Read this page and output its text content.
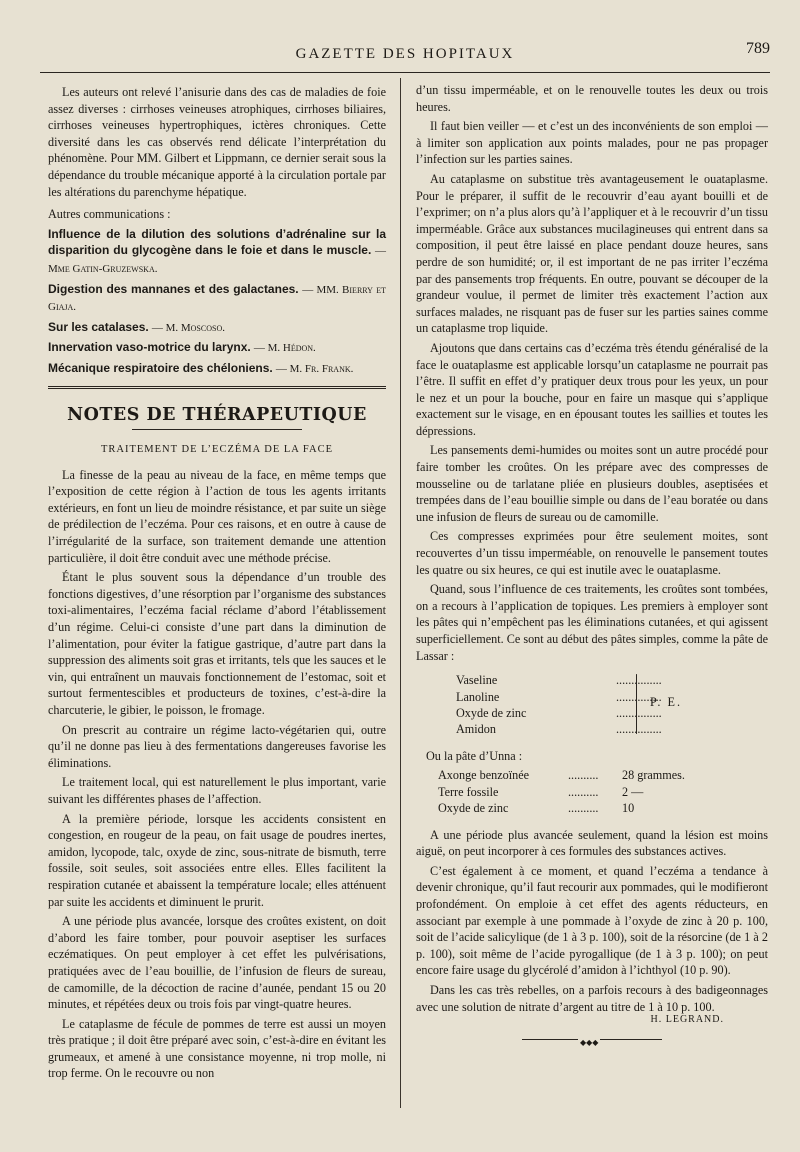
GAZETTE DES HOPITAUX	789

Les auteurs ont relevé l’anisurie dans des cas de maladies de foie assez diverses : cirrhoses veineuses atrophiques, cirrhoses biliaires, cirrhoses veineuses hypertrophiques, ictères chroniques. Cette diversité dans les cas observés rend délicate l’interprétation du phénomène. Pour MM. Gilbert et Lippmann, ce dernier serait sous la dépendance du trouble mécanique apporté à la circulation portale par les altérations du parenchyme hépatique.

Autres communications :

Influence de la dilution des solutions d’adrénaline sur la disparition du glycogène dans le foie et dans le muscle. — Mme Gatin-Gruzewska.
Digestion des mannanes et des galactanes. — MM. Bierry et Giaja.
Sur les catalases. — M. Moscoso.
Innervation vaso-motrice du larynx. — M. Hédon.
Mécanique respiratoire des chéloniens. — M. Fr. Frank.
NOTES DE THÉRAPEUTIQUE
TRAITEMENT DE L’ECZÉMA DE LA FACE

La finesse de la peau au niveau de la face, en même temps que l’exposition de cette région à l’action de tous les agents irritants extérieurs, en font un lieu de moindre résistance, et par suite un siège de prédilection de l’eczéma. Pour ces raisons, et en outre à cause de l’irrégularité de la surface, son traitement demande une attention particulière, il doit être conduit avec une méthode précise.

Étant le plus souvent sous la dépendance d’un trouble des fonctions digestives, d’une résorption par l’organisme des substances toxi-alimentaires, l’eczéma facial réclame d’abord l’établissement d’un régime. Celui-ci consiste d’une part dans la diminution de l’alimentation, pour éviter la fatigue gastrique, d’autre part dans la suppression des aliments soit gras et irritants, tels que les sauces et le vin, qui entraînent un mauvais fonctionnement de l’estomac, soit et surtout fermentescibles et producteurs de toxines, c’est-à-dire la charcuterie, le gibier, le poisson, le fromage.

On prescrit au contraire un régime lacto-végétarien qui, outre qu’il ne donne pas lieu à des fermentations dangereuses favorise les éliminations.

Le traitement local, qui est naturellement le plus important, varie suivant les différentes phases de l’affection.

A la première période, lorsque les accidents consistent en congestion, en rougeur de la peau, on fait usage de poudres inertes, amidon, lycopode, talc, oxyde de zinc, sous-nitrate de bismuth, terre fossile, soit seules, soit associées entre elles. Elles facilitent la respiration cutanée et abaissent la température locale; elles atténuent par suite les accidents et diminuent le prurit.

A une période plus avancée, lorsque des croûtes existent, on doit d’abord les faire tomber, pour pouvoir aseptiser les surfaces eczématiques. On peut employer à cet effet les pulvérisations, pratiquées avec de l’eau bouillie, de l’infusion de fleurs de sureau, de camomille, de la décoction de racine d’aunée, pendant 15 ou 20 minutes, et répétées deux ou trois fois par vingt-quatre heures.

Le cataplasme de fécule de pommes de terre est aussi un moyen très pratique ; il doit être préparé avec soin, c’est-à-dire en évitant les grumeaux, et amené à une consistance moyenne, ni trop molle, ni trop ferme. On le recouvre ou non

d’un tissu imperméable, et on le renouvelle toutes les deux ou trois heures.

Il faut bien veiller — et c’est un des inconvénients de son emploi — à limiter son application aux points malades, pour ne pas propager l’infection sur les parties saines.

Au cataplasme on substitue très avantageusement le ouataplasme. Pour le préparer, il suffit de le recouvrir d’eau ayant bouilli et de l’exprimer; on n’a plus alors qu’à l’appliquer et à le recouvrir d’un tissu imperméable. Grâce aux substances mucilagineuses qui entrent dans sa composition, il peut être laissé en place pendant douze heures, sans perdre de son humidité; or, il est important de ne pas irriter l’eczéma par des pansements trop fréquents. En outre, pouvant se découper de la grandeur voulue, il permet de limiter très exactement l’action aux surfaces malades, ne risquant pas de fuser sur les parties saines comme un cataplasme trop liquide.

Ajoutons que dans certains cas d’eczéma très étendu généralisé de la face le ouataplasme est applicable lorsqu’un cataplasme ne pourrait pas l’être. Il suffit en effet d’y pratiquer deux trous pour les yeux, un pour le nez et un pour la bouche, pour en faire un masque qui s’applique exactement sur le visage, en en épousant toutes les saillies et toutes les dépressions.

Les pansements demi-humides ou moites sont un autre procédé pour faire tomber les croûtes. On les prépare avec des compresses de mousseline ou de tarlatane pliée en plusieurs doubles, aseptisées et trempées dans de l’eau bouillie simple ou dans de l’eau boratée ou dans une infusion de fleurs de sureau ou de camomille.

Ces compresses exprimées pour être seulement moites, sont recouvertes d’un tissu imperméable, on renouvelle le pansement toutes les quatre ou six heures, ce qui est inutile avec le ouataplasme.

Quand, sous l’influence de ces traitements, les croûtes sont tombées, on a recours à l’application de topiques. Les premiers à employer sont les pâtes qui n’empêchent pas les éliminations cutanées, et qui agissent superficiellement. Ce sont au début des pâtes simples, comme la pâte de Lassar :

Vaseline	...............
Lanoline	...............
Oxyde de zinc	...............
Amidon	...............
P. E.

Ou la pâte d’Unna :

Axonge benzoïnée	..........	28 grammes.
Terre fossile	..........	2 —
Oxyde de zinc	..........	10

A une période plus avancée seulement, quand la lésion est moins aiguë, on peut incorporer à ces formules des substances actives.

C’est également à ce moment, et quand l’eczéma a tendance à devenir chronique, qu’il faut recourir aux pommades, qui le modifieront profondément. On emploie à cet effet des agents réducteurs, en associant par exemple à une pommade à l’oxyde de zinc à 20 p. 100, soit de l’acide salicylique (de 1 à 3 p. 100), soit de la résorcine (de 1 à 2 p. 100), soit même de l’acide pyrogallique (de 1 à 3 p. 100); on peut encore faire usage du glycérolé d’amidon à l’ichthyol (10 p. 90).

Dans les cas très rebelles, on a parfois recours à des badigeonnages avec une solution de nitrate d’argent au titre de 1 à 10 p. 100.

H. LEGRAND.
◆◆◆
